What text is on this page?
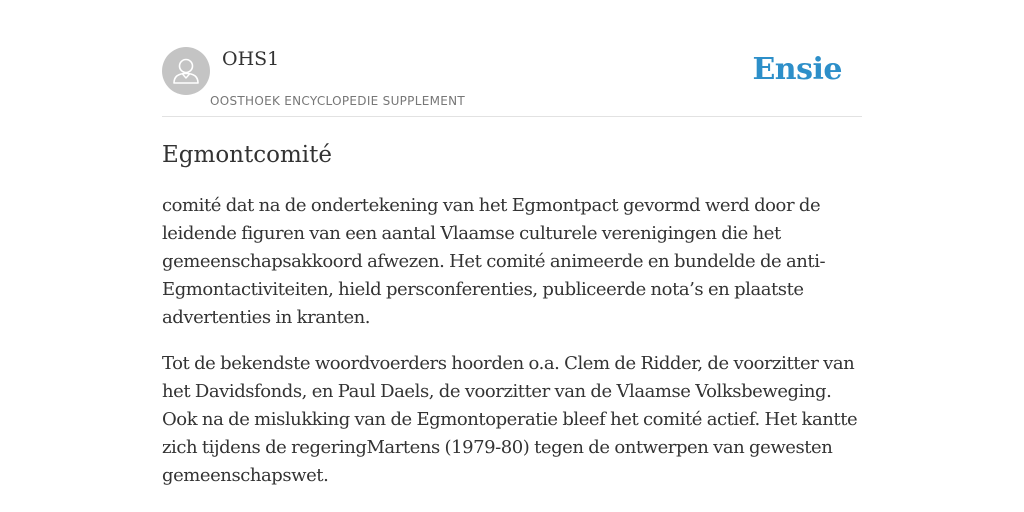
OHS1
OOSTHOEK ENCYCLOPEDIE SUPPLEMENT
Ensie
Egmontcomité

comité dat na de ondertekening van het Egmontpact gevormd werd door de leidende figuren van een aantal Vlaamse culturele verenigingen die het gemeenschapsakkoord afwezen. Het comité animeerde en bundelde de anti-Egmontactiviteiten, hield persconferenties, publiceerde nota’s en plaatste advertenties in kranten.

Tot de bekendste woordvoerders hoorden o.a. Clem de Ridder, de voorzitter van het Davidsfonds, en Paul Daels, de voorzitter van de Vlaamse Volksbeweging. Ook na de mislukking van de Egmontoperatie bleef het comité actief. Het kantte zich tijdens de regeringMartens (1979-80) tegen de ontwerpen van gewesten gemeenschapswet.
